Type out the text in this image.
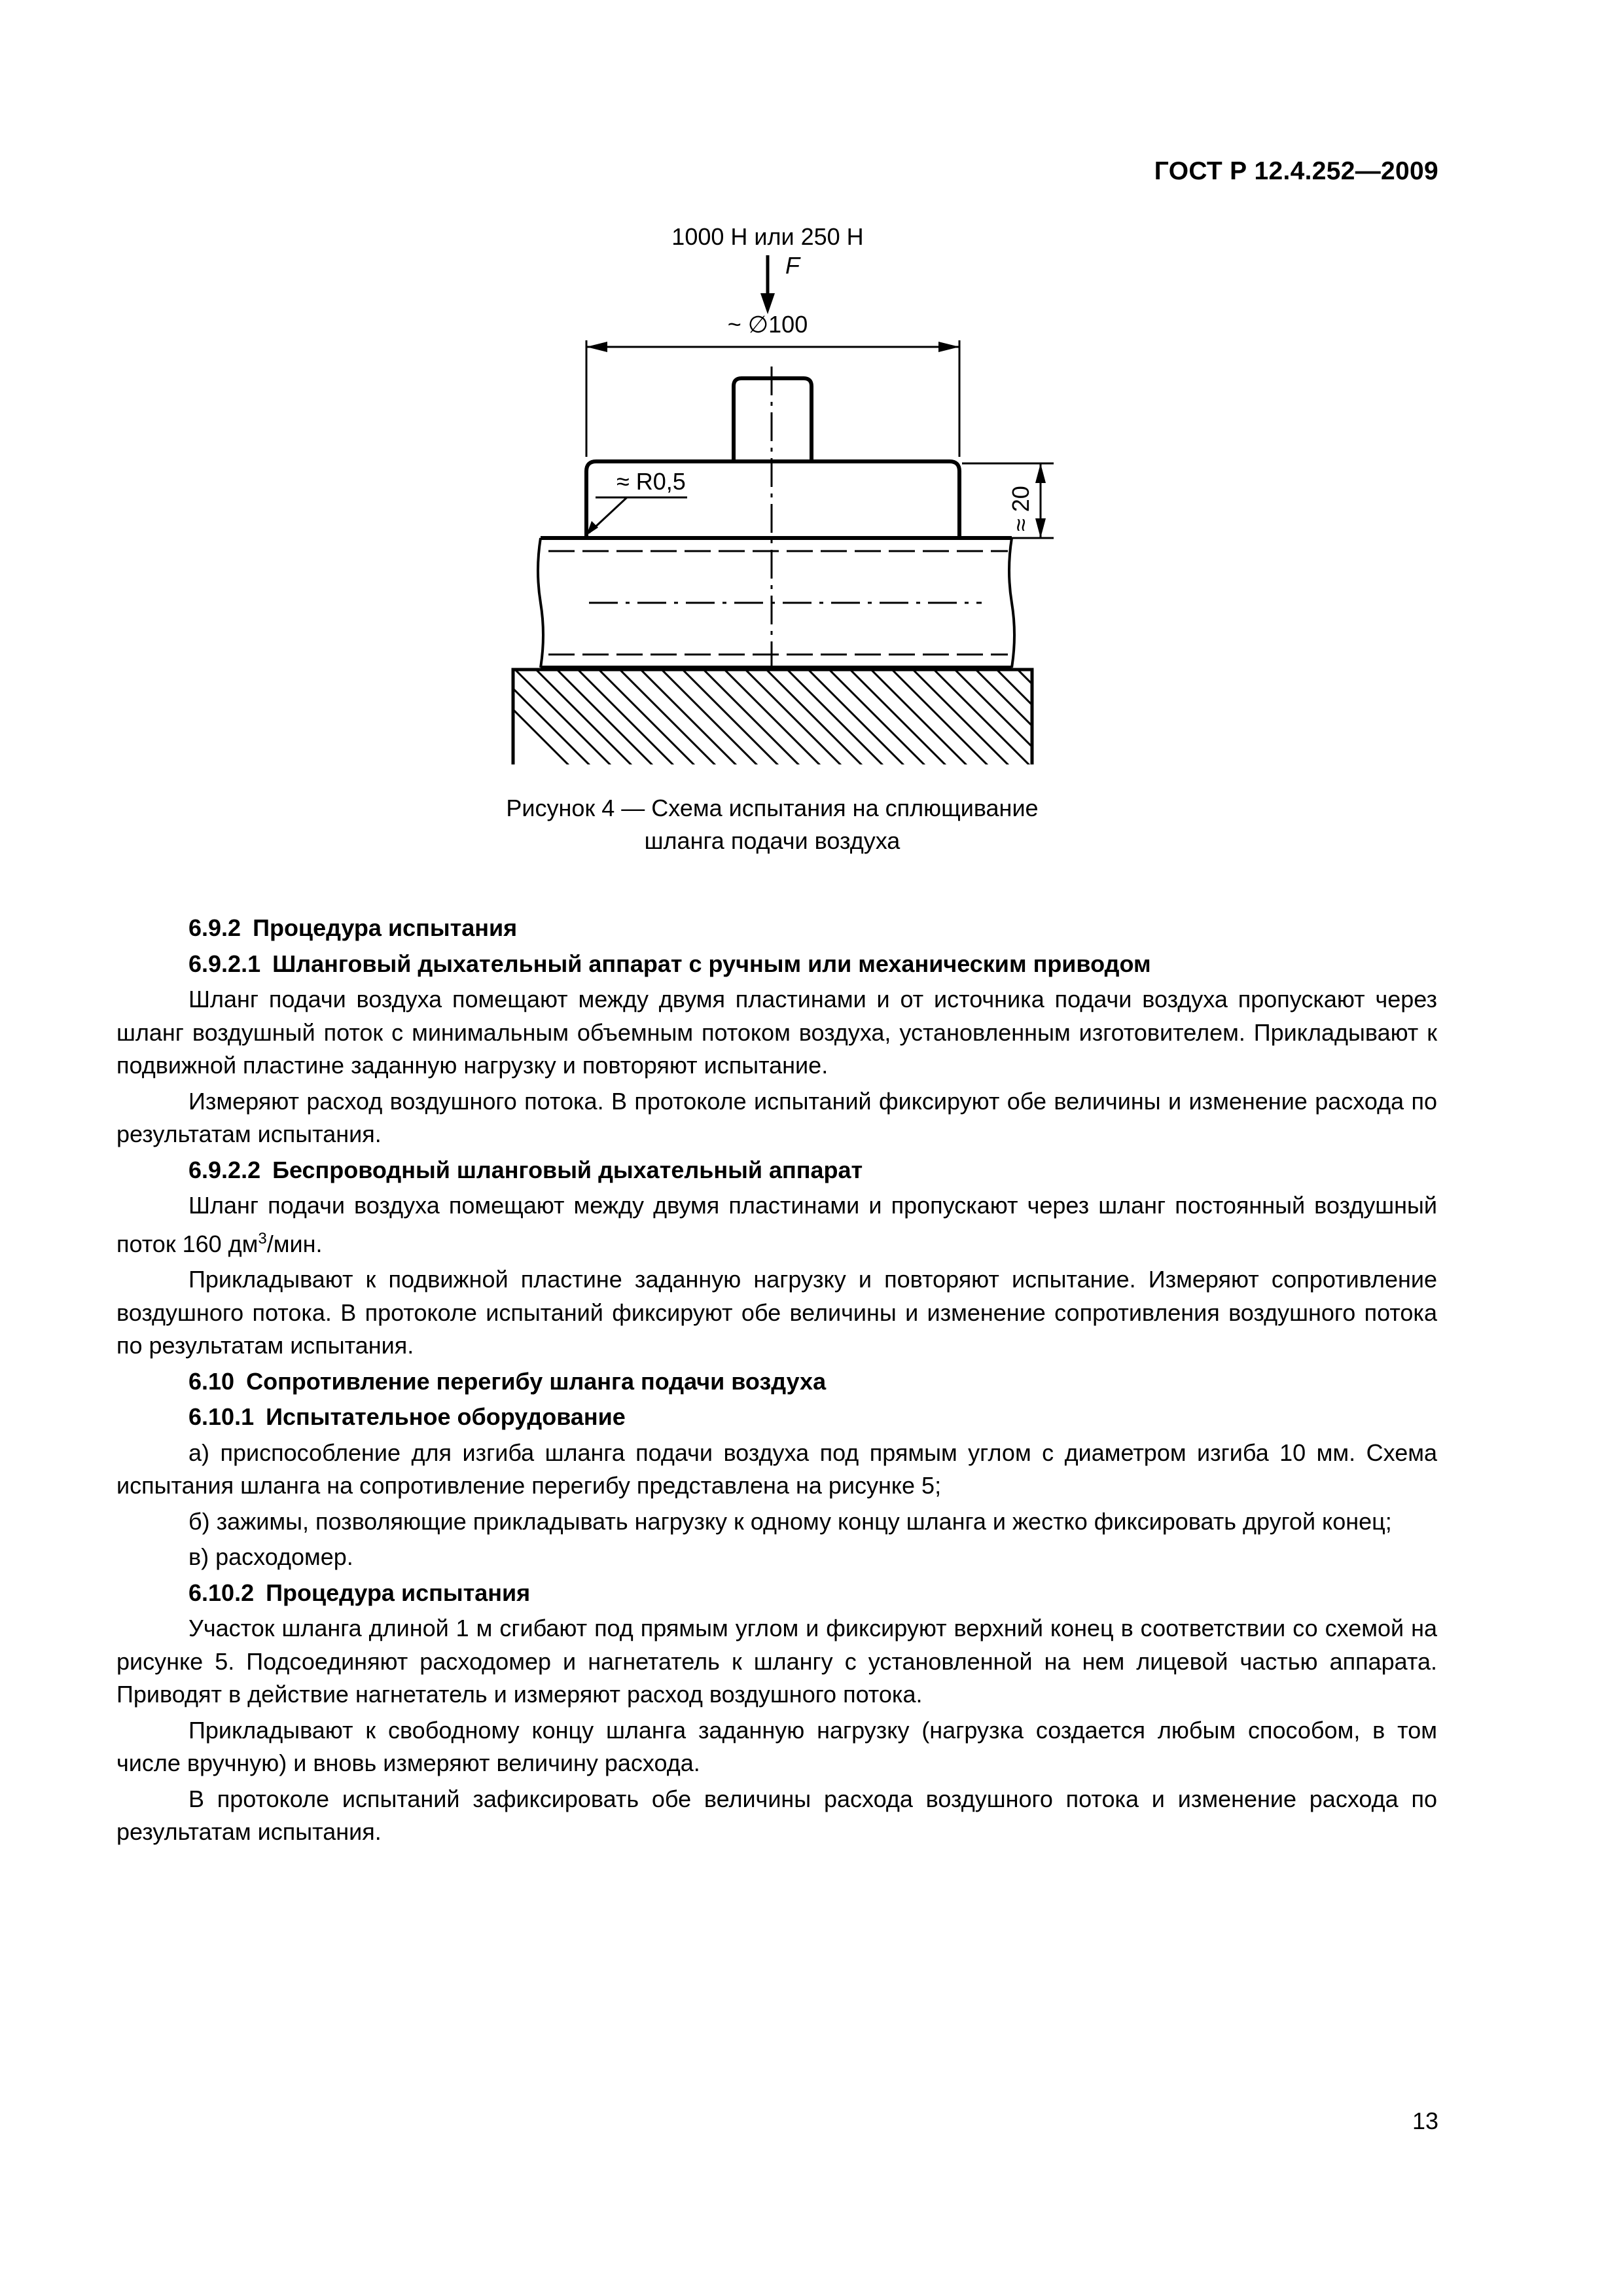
ГОСТ Р 12.4.252—2009
1000 Н или 250 Н
F
~ ∅100
≈ R0,5
≈ 20
Рисунок 4 — Схема испытания на сплющивание
шланга подачи воздуха
6.9.2 Процедура испытания
6.9.2.1 Шланговый дыхательный аппарат с ручным или механическим приводом

Шланг подачи воздуха помещают между двумя пластинами и от источника подачи воздуха пропускают через шланг воздушный поток с минимальным объемным потоком воздуха, установленным изготовителем. Прикладывают к подвижной пластине заданную нагрузку и повторяют испытание.

Измеряют расход воздушного потока. В протоколе испытаний фиксируют обе величины и изменение расхода по результатам испытания.

6.9.2.2 Беспроводный шланговый дыхательный аппарат

Шланг подачи воздуха помещают между двумя пластинами и пропускают через шланг постоянный воздушный поток 160 $дм^3$/мин.

Прикладывают к подвижной пластине заданную нагрузку и повторяют испытание. Измеряют сопротивление воздушного потока. В протоколе испытаний фиксируют обе величины и изменение сопротивления воздушного потока по результатам испытания.

6.10 Сопротивление перегибу шланга подачи воздуха
6.10.1 Испытательное оборудование

а) приспособление для изгиба шланга подачи воздуха под прямым углом с диаметром изгиба 10 мм. Схема испытания шланга на сопротивление перегибу представлена на рисунке 5;

б) зажимы, позволяющие прикладывать нагрузку к одному концу шланга и жестко фиксировать другой конец;

в) расходомер.

6.10.2 Процедура испытания

Участок шланга длиной 1 м сгибают под прямым углом и фиксируют верхний конец в соответствии со схемой на рисунке 5. Подсоединяют расходомер и нагнетатель к шлангу с установленной на нем лицевой частью аппарата. Приводят в действие нагнетатель и измеряют расход воздушного потока.

Прикладывают к свободному концу шланга заданную нагрузку (нагрузка создается любым способом, в том числе вручную) и вновь измеряют величину расхода.

В протоколе испытаний зафиксировать обе величины расхода воздушного потока и изменение расхода по результатам испытания.

13
